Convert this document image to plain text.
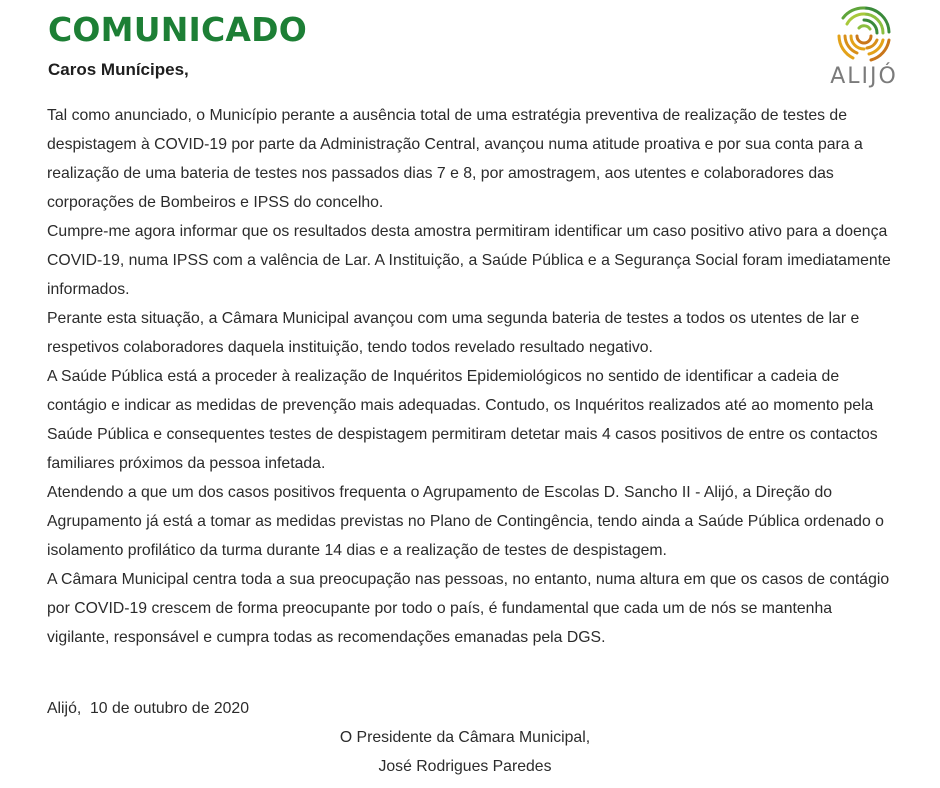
COMUNICADO
ALIJÓ
Caros Munícipes,

Tal como anunciado, o Município perante a ausência total de uma estratégia preventiva de realização de testes de despistagem à COVID-19 por parte da Administração Central, avançou numa atitude proativa e por sua conta para a realização de uma bateria de testes nos passados dias 7 e 8, por amostragem, aos utentes e colaboradores das corporações de Bombeiros e IPSS do concelho.

Cumpre-me agora informar que os resultados desta amostra permitiram identificar um caso positivo ativo para a doença COVID-19, numa IPSS com a valência de Lar. A Instituição, a Saúde Pública e a Segurança Social foram imediatamente informados.

Perante esta situação, a Câmara Municipal avançou com uma segunda bateria de testes a todos os utentes de lar e respetivos colaboradores daquela instituição, tendo todos revelado resultado negativo.

A Saúde Pública está a proceder à realização de Inquéritos Epidemiológicos no sentido de identificar a cadeia de contágio e indicar as medidas de prevenção mais adequadas. Contudo, os Inquéritos realizados até ao momento pela Saúde Pública e consequentes testes de despistagem permitiram detetar mais 4 casos positivos de entre os contactos familiares próximos da pessoa infetada.

Atendendo a que um dos casos positivos frequenta o Agrupamento de Escolas D. Sancho II - Alijó, a Direção do Agrupamento já está a tomar as medidas previstas no Plano de Contingência, tendo ainda a Saúde Pública ordenado o isolamento profilático da turma durante 14 dias e a realização de testes de despistagem.

A Câmara Municipal centra toda a sua preocupação nas pessoas, no entanto, numa altura em que os casos de contágio por COVID-19 crescem de forma preocupante por todo o país, é fundamental que cada um de nós se mantenha vigilante, responsável e cumpra todas as recomendações emanadas pela DGS.

Alijó,  10 de outubro de 2020
O Presidente da Câmara Municipal,
José Rodrigues Paredes
